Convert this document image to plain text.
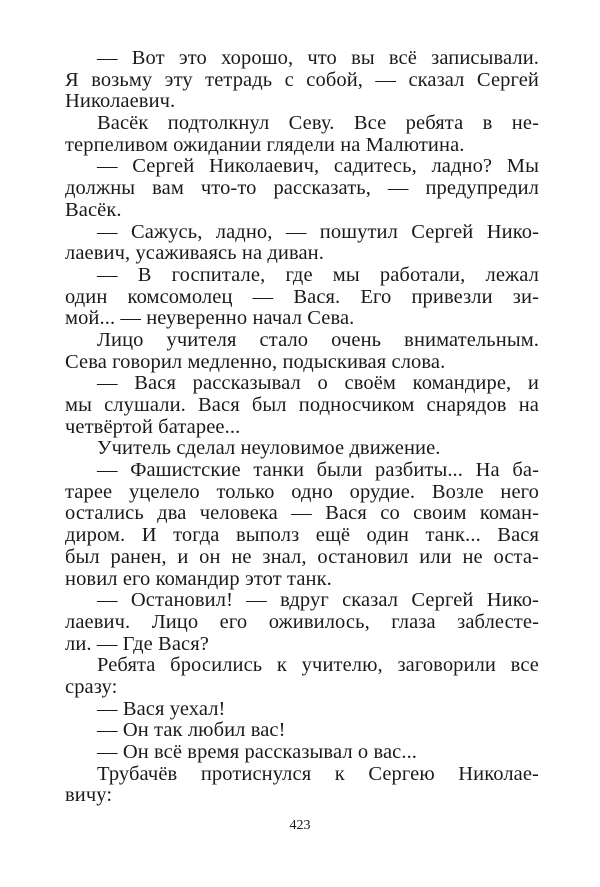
— Вот это хорошо, что вы всё записывали.
Я возьму эту тетрадь с собой, — сказал Сергей
Николаевич.
Васёк подтолкнул Севу. Все ребята в не-
терпеливом ожидании глядели на Малютина.
— Сергей Николаевич, садитесь, ладно? Мы
должны вам что-то рассказать, — предупредил
Васёк.
— Сажусь, ладно, — пошутил Сергей Нико-
лаевич, усаживаясь на диван.
— В госпитале, где мы работали, лежал
один комсомолец — Вася. Его привезли зи-
мой... — неуверенно начал Сева.
Лицо учителя стало очень внимательным.
Сева говорил медленно, подыскивая слова.
— Вася рассказывал о своём командире, и
мы слушали. Вася был подносчиком снарядов на
четвёртой батарее...
Учитель сделал неуловимое движение.
— Фашистские танки были разбиты... На ба-
тарее уцелело только одно орудие. Возле него
остались два человека — Вася со своим коман-
диром. И тогда выполз ещё один танк... Вася
был ранен, и он не знал, остановил или не оста-
новил его командир этот танк.
— Остановил! — вдруг сказал Сергей Нико-
лаевич. Лицо его оживилось, глаза заблесте-
ли. — Где Вася?
Ребята бросились к учителю, заговорили все
сразу:
— Вася уехал!
— Он так любил вас!
— Он всё время рассказывал о вас...
Трубачёв протиснулся к Сергею Николае-
вичу:
423
